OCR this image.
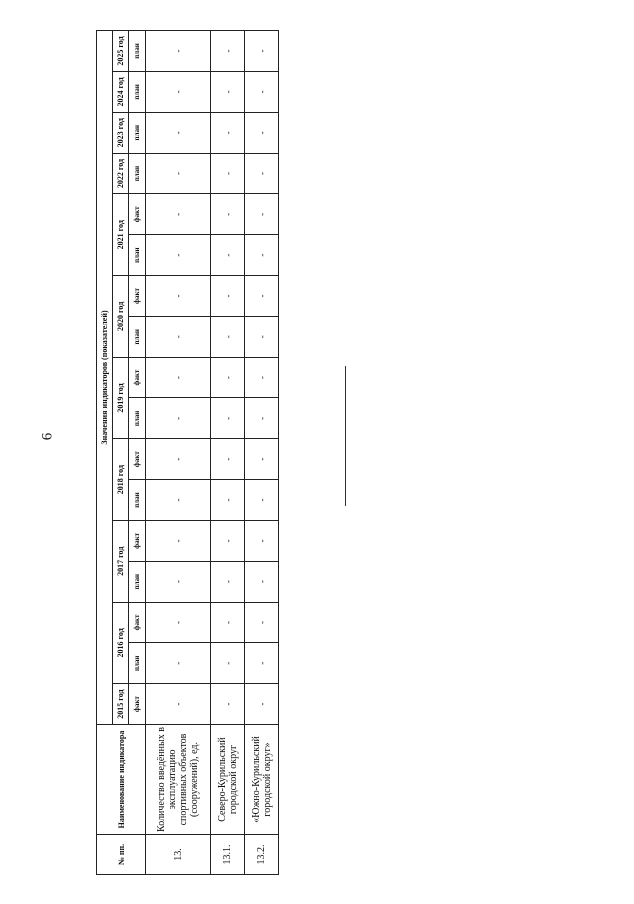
6
№ пп.	Наименование индикатора	Значения индикаторов (показателей)																
		2015 год	2016 год		2017 год		2018 год		2019 год		2020 год		2021 год		2022 год	2023 год	2024 год	2025 год
		факт	план	факт	план	факт	план	факт	план	факт	план	факт	план	факт	план	план	план	план
13.	Количество введённых в эксплуатацию спортивных объектов (сооружений), ед.	-	-	-	-	-	-	-	-	-	-	-	-	-	-	-	-	-
13.1.	Северо-Курильский городской округ	-	-	-	-	-	-	-	-	-	-	-	-	-	-	-	-	-
13.2.	«Южно-Курильский городской округ»	-	-	-	-	-	-	-	-	-	-	-	-	-	-	-	-	-
